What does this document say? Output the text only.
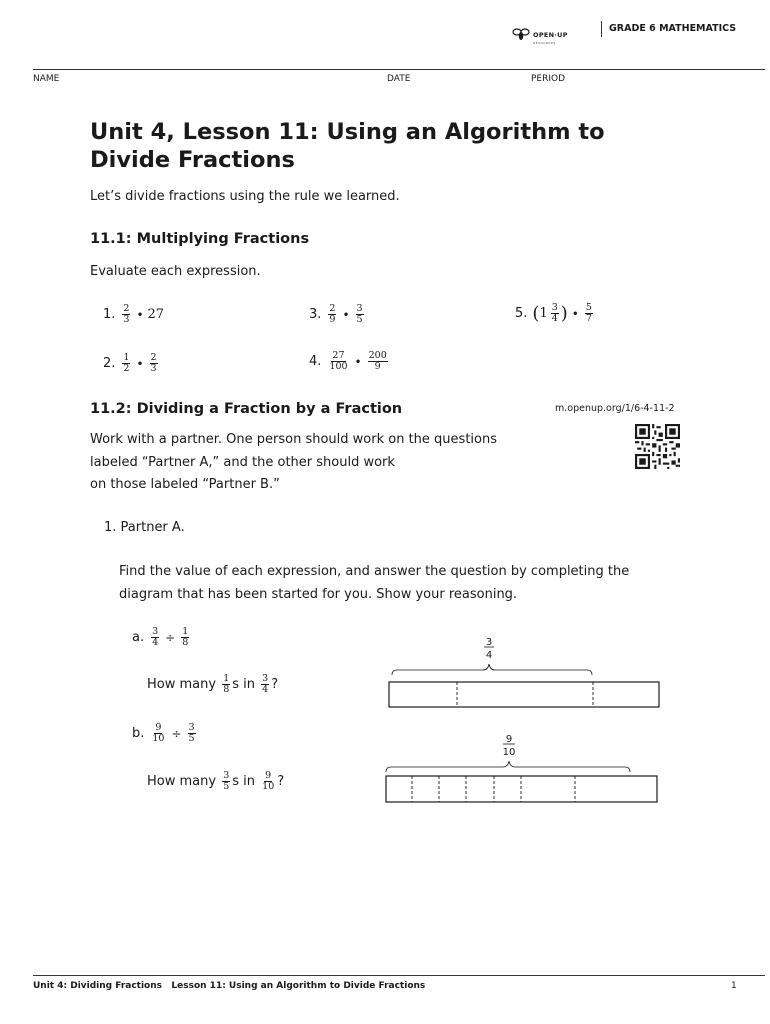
OPEN·UP
RESOURCES
GRADE 6 MATHEMATICS
NAME	DATE	PERIOD
Unit 4, Lesson 11: Using an Algorithm to Divide Fractions
Let’s divide fractions using the rule we learned.
11.1: Multiplying Fractions
Evaluate each expression.
1. $\frac{2}{3}$ • 27
2. $\frac{1}{2}$ • $\frac{2}{3}$
3. $\frac{2}{9}$ • $\frac{3}{5}$
4. $\frac{27}{100}$ • $\frac{200}{9}$
5. ( $1 \frac{3}{4}$ ) • $\frac{5}{7}$
11.2: Dividing a Fraction by a Fraction	m.openup.org/1/6-4-11-2
Work with a partner. One person should work on the questions
labeled “Partner A,” and the other should work
on those labeled “Partner B.”
1. Partner A.
Find the value of each expression, and answer the question by completing the
diagram that has been started for you. Show your reasoning.
a. $\frac{3}{4} \div \frac{1}{8}$
How many
$\frac{1}{8}$ s in
$\frac{3}{4}$ ?
3
4
b. $\frac{9}{10} \div \frac{3}{5}$
How many
$\frac{3}{5}$ s in
$\frac{9}{10}$ ?
9
10
Unit 4: Dividing Fractions   Lesson 11: Using an Algorithm to Divide Fractions	1
